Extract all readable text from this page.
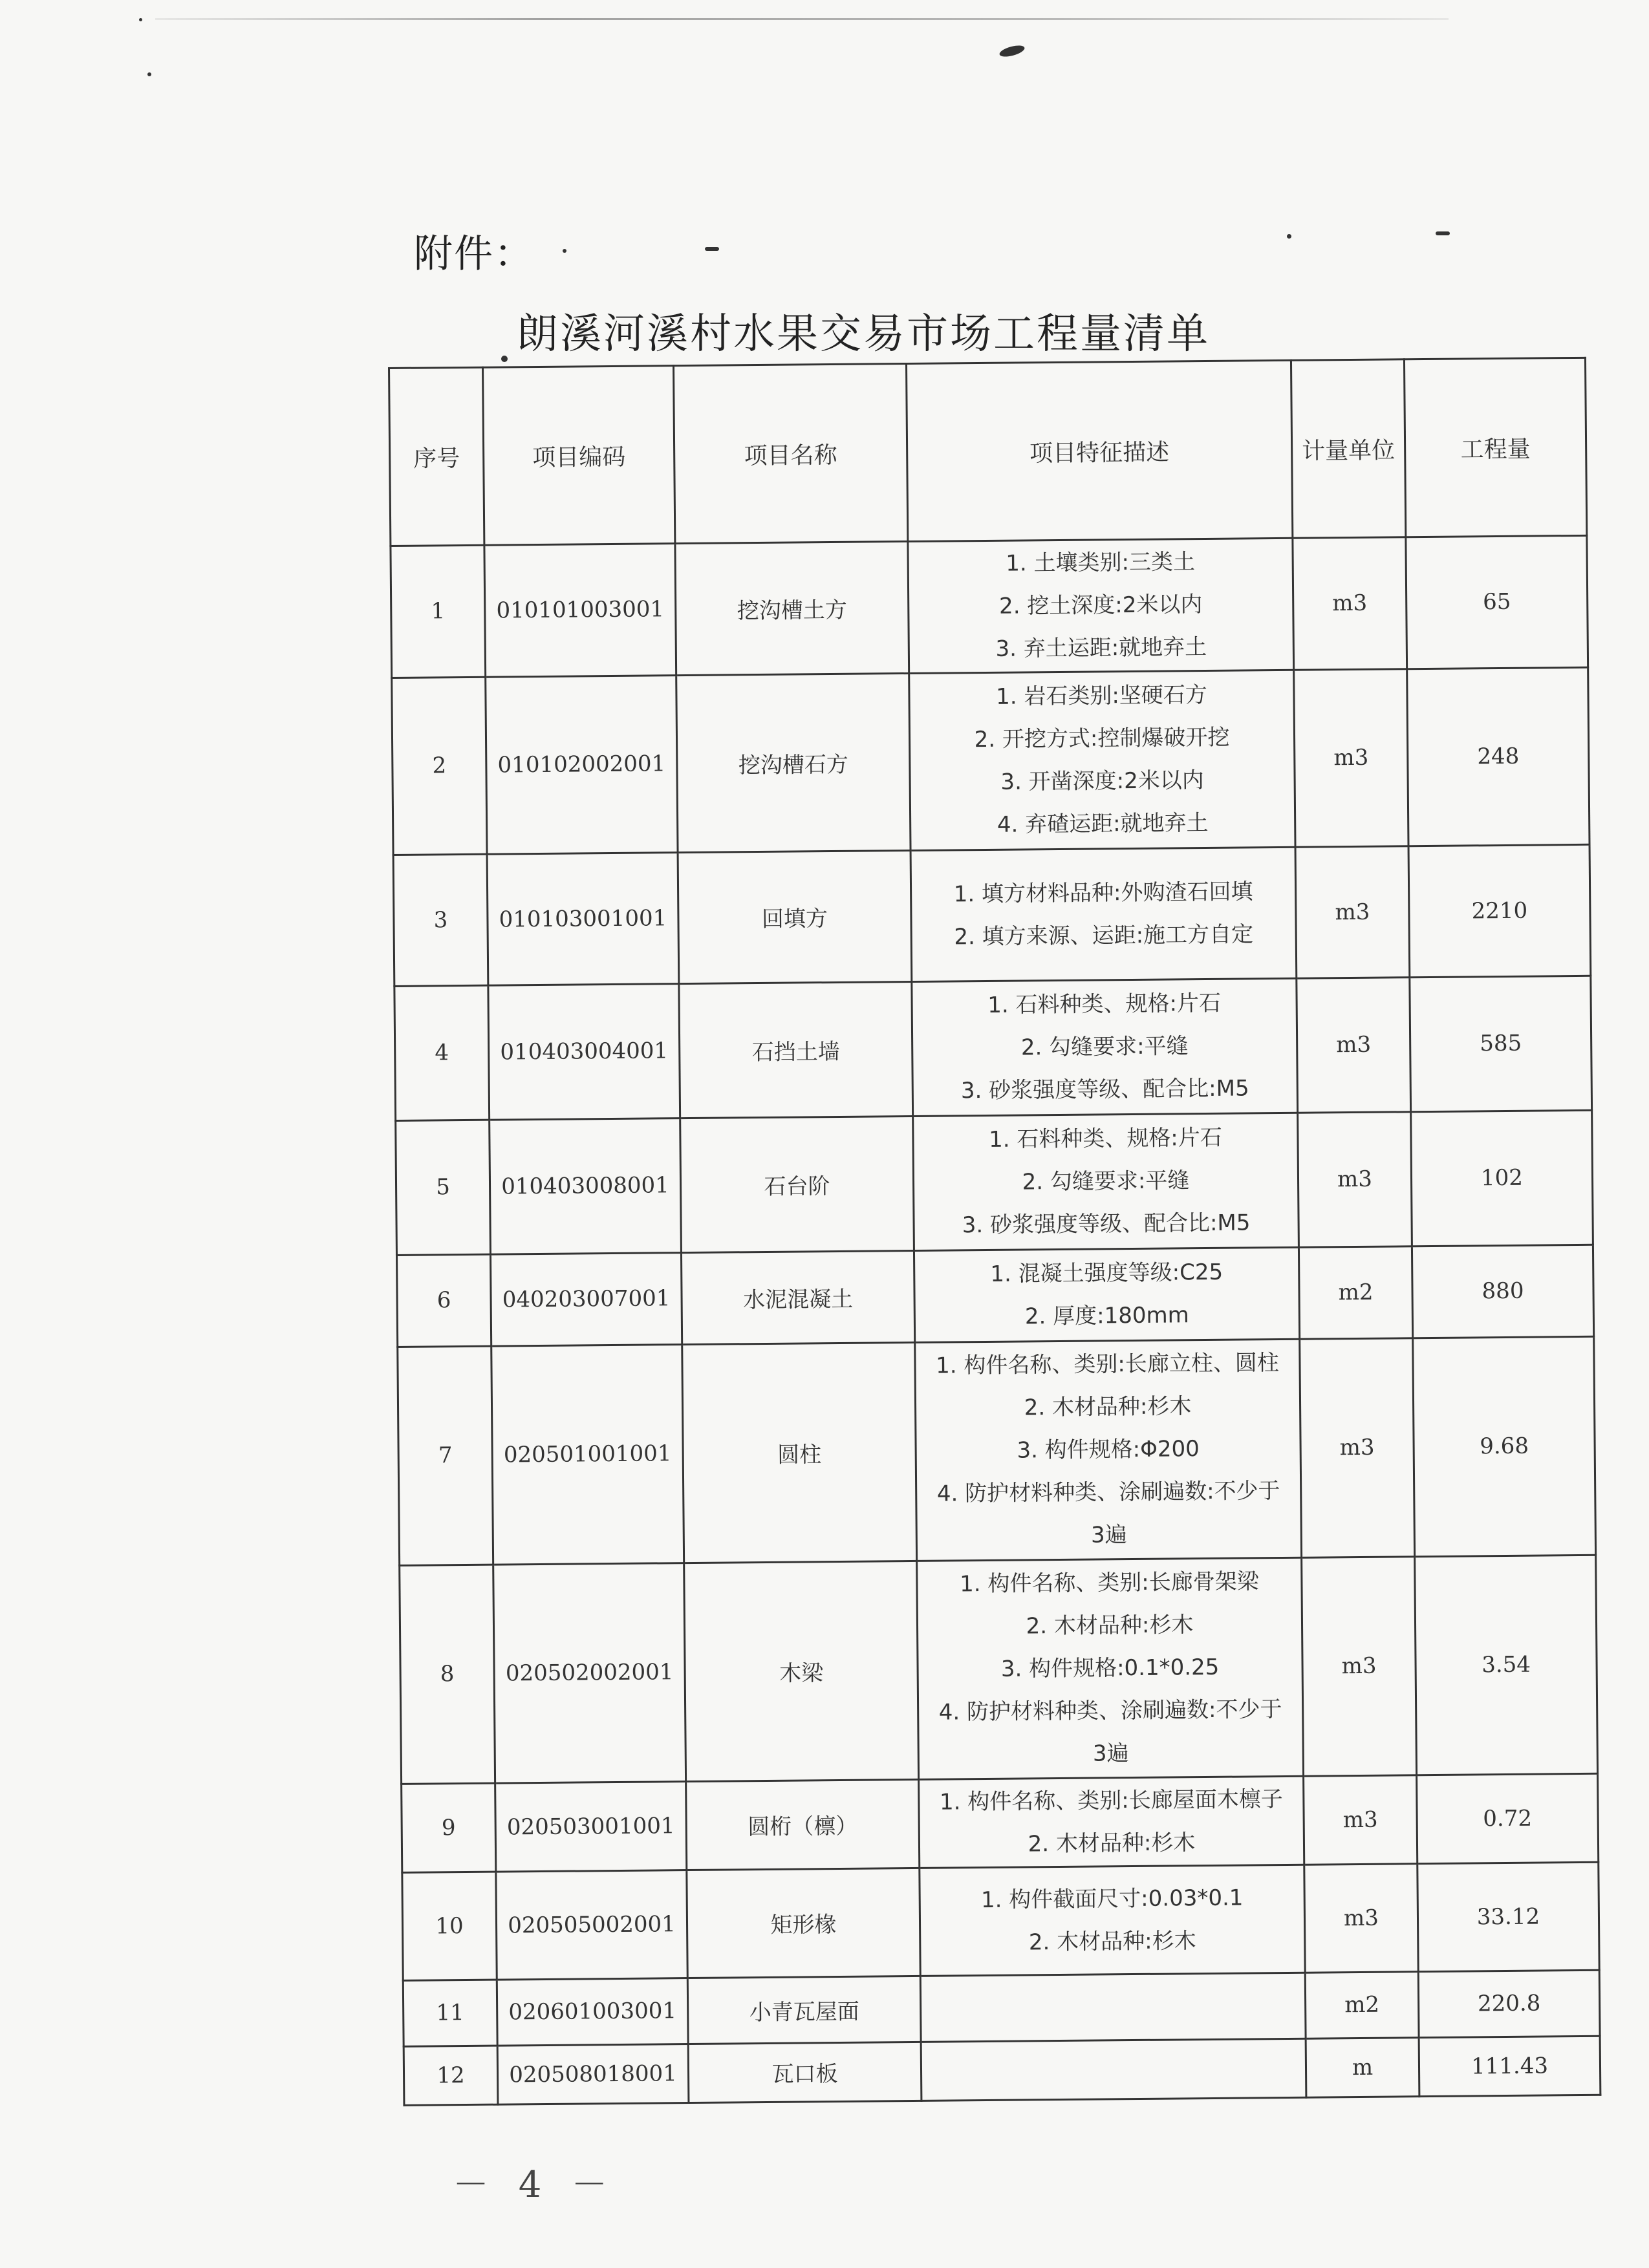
附件：
朗溪河溪村水果交易市场工程量清单
序号	项目编码	项目名称	项目特征描述	计量单位	工程量
1	010101003001	挖沟槽土方	1. 土壤类别:三类土
2. 挖土深度:2米以内
3. 弃土运距:就地弃土	m3	65
2	010102002001	挖沟槽石方	1. 岩石类别:坚硬石方
2. 开挖方式:控制爆破开挖
3. 开凿深度:2米以内
4. 弃碴运距:就地弃土	m3	248
3	010103001001	回填方	1. 填方材料品种:外购渣石回填
2. 填方来源、运距:施工方自定	m3	2210
4	010403004001	石挡土墙	1. 石料种类、规格:片石
2. 勾缝要求:平缝
3. 砂浆强度等级、配合比:M5	m3	585
5	010403008001	石台阶	1. 石料种类、规格:片石
2. 勾缝要求:平缝
3. 砂浆强度等级、配合比:M5	m3	102
6	040203007001	水泥混凝土	1. 混凝土强度等级:C25
2. 厚度:180mm	m2	880
7	020501001001	圆柱	1. 构件名称、类别:长廊立柱、圆柱
2. 木材品种:杉木
3. 构件规格:Φ200
4. 防护材料种类、涂刷遍数:不少于
3遍	m3	9.68
8	020502002001	木梁	1. 构件名称、类别:长廊骨架梁
2. 木材品种:杉木
3. 构件规格:0.1*0.25
4. 防护材料种类、涂刷遍数:不少于
3遍	m3	3.54
9	020503001001	圆桁（檩）	1. 构件名称、类别:长廊屋面木檩子
2. 木材品种:杉木	m3	0.72
10	020505002001	矩形椽	1. 构件截面尺寸:0.03*0.1
2. 木材品种:杉木	m3	33.12
11	020601003001	小青瓦屋面		m2	220.8
12	020508018001	瓦口板		m	111.43
－ 4 －
